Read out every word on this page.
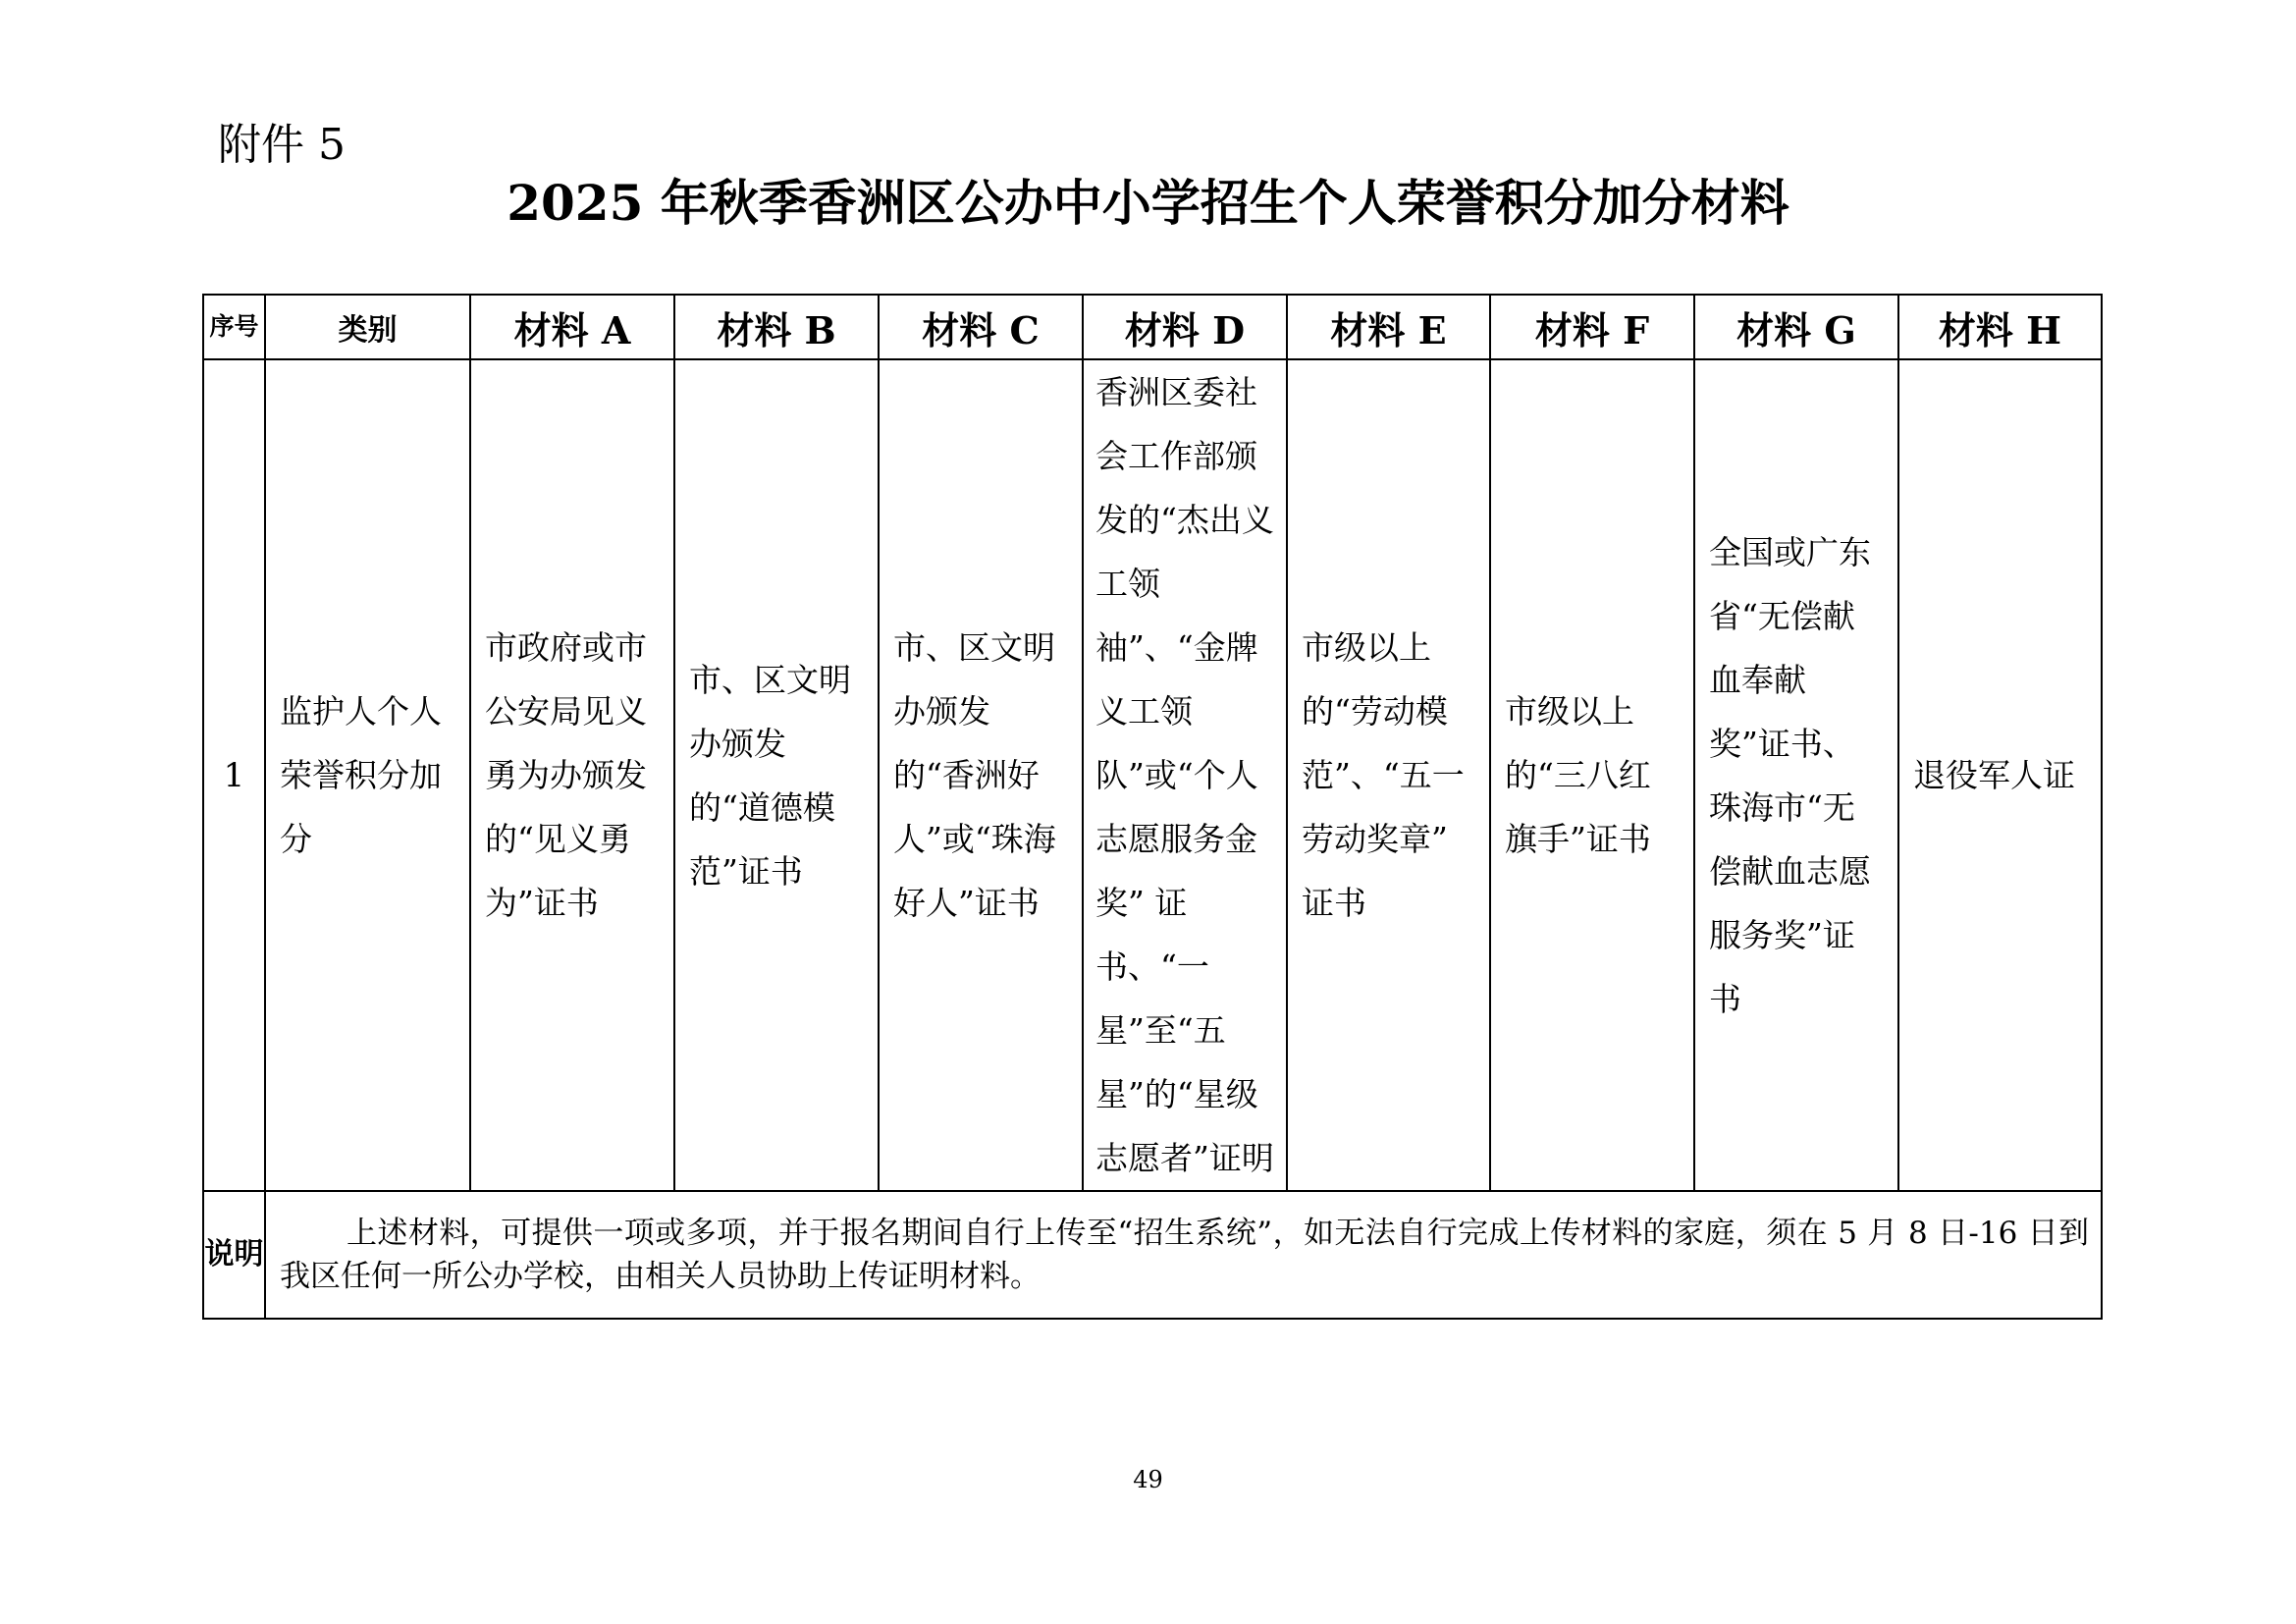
附件 5
2025 年秋季香洲区公办中小学招生个人荣誉积分加分材料
序号	类别	材料 A	材料 B	材料 C	材料 D	材料 E	材料 F	材料 G	材料 H
1	监护人个人荣誉积分加分	市政府或市公安局见义勇为办颁发的“见义勇为”证书	市、区文明办颁发的“道德模范”证书	市、区文明办颁发的“香洲好人”或“珠海好人”证书	香洲区委社会工作部颁发的“杰出义工领袖”、“金牌义工领队”或“个人志愿服务金奖” 证书、“一星”至“五星”的“星级志愿者”证明	市级以上的“劳动模范”、“五一劳动奖章” 证书	市级以上的“三八红旗手”证书	全国或广东省“无偿献血奉献奖”证书、珠海市“无偿献血志愿服务奖”证书	退役军人证

说明	上述材料，可提供一项或多项，并于报名期间自行上传至“招生系统”，如无法自行完成上传材料的家庭，须在 5 月 8 日-16 日到我区任何一所公办学校，由相关人员协助上传证明材料。								
49
